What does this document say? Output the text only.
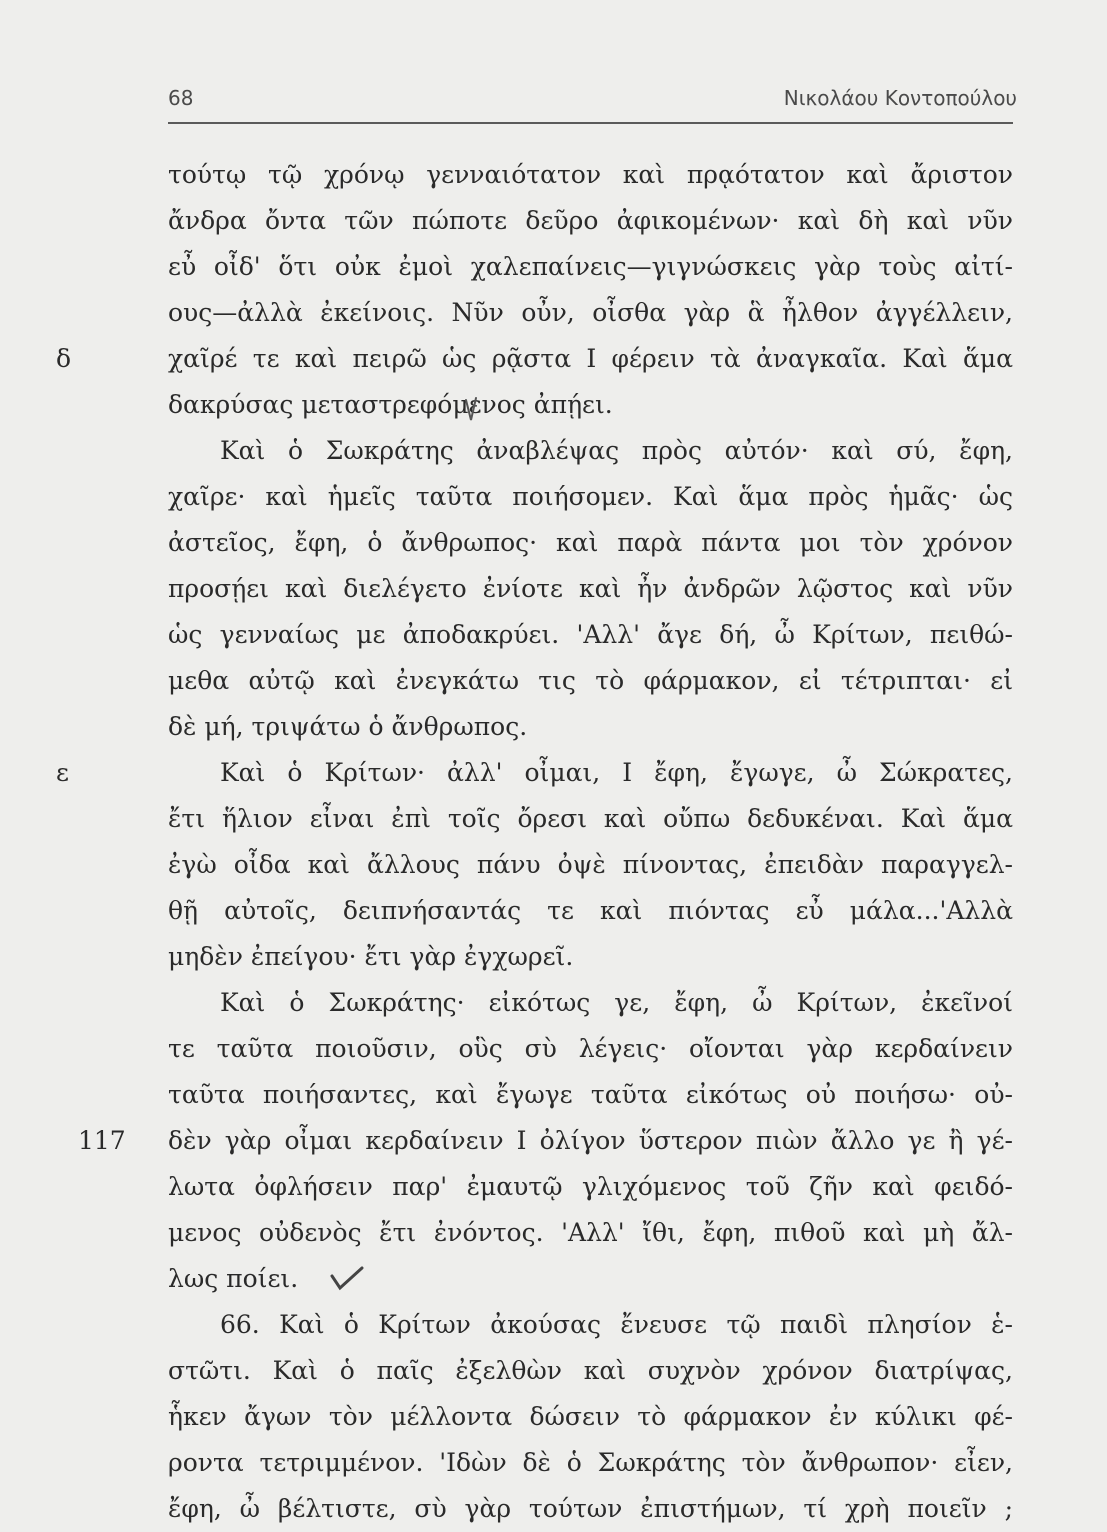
68	Νικολάου Κοντοπούλου
τούτῳ τῷ χρόνῳ γενναιότατον καὶ πρᾳότατον καὶ ἄριστον
ἄνδρα ὄντα τῶν πώποτε δεῦρο ἀφικομένων· καὶ δὴ καὶ νῦν
εὖ οἶδ' ὅτι οὐκ ἐμοὶ χαλεπαίνεις—γιγνώσκεις γὰρ τοὺς αἰτί-
ους—ἀλλὰ ἐκείνοις. Νῦν οὖν, οἶσθα γὰρ ἃ ἦλθον ἀγγέλλειν,
δ	χαῖρέ τε καὶ πειρῶ ὡς ρᾷστα Ι φέρειν τὰ ἀναγκαῖα. Καὶ ἅμα
δακρύσας μεταστρεφόμενος ἀπῄει.
Καὶ ὁ Σωκράτης ἀναβλέψας πρὸς αὐτόν· καὶ σύ, ἔφη,
χαῖρε· καὶ ἡμεῖς ταῦτα ποιήσομεν. Καὶ ἅμα πρὸς ἡμᾶς· ὡς
ἀστεῖος, ἔφη, ὁ ἄνθρωπος· καὶ παρὰ πάντα μοι τὸν χρόνον
προσῄει καὶ διελέγετο ἐνίοτε καὶ ἦν ἀνδρῶν λῷστος καὶ νῦν
ὡς γενναίως με ἀποδακρύει. 'Αλλ' ἄγε δή, ὦ Κρίτων, πειθώ-
μεθα αὐτῷ καὶ ἐνεγκάτω τις τὸ φάρμακον, εἰ τέτριπται· εἰ
δὲ μή, τριψάτω ὁ ἄνθρωπος.
ε	Καὶ ὁ Κρίτων· ἀλλ' οἶμαι, Ι ἔφη, ἔγωγε, ὦ Σώκρατες,
ἔτι ἥλιον εἶναι ἐπὶ τοῖς ὄρεσι καὶ οὔπω δεδυκέναι. Καὶ ἅμα
ἐγὼ οἶδα καὶ ἄλλους πάνυ ὀψὲ πίνοντας, ἐπειδὰν παραγγελ-
θῇ αὐτοῖς, δειπνήσαντάς τε καὶ πιόντας εὖ μάλα...'Αλλὰ
μηδὲν ἐπείγου· ἔτι γὰρ ἐγχωρεῖ.
Καὶ ὁ Σωκράτης· εἰκότως γε, ἔφη, ὦ Κρίτων, ἐκεῖνοί
τε ταῦτα ποιοῦσιν, οὓς σὺ λέγεις· οἴονται γὰρ κερδαίνειν
ταῦτα ποιήσαντες, καὶ ἔγωγε ταῦτα εἰκότως οὐ ποιήσω· οὐ-
117	δὲν γὰρ οἶμαι κερδαίνειν Ι ὀλίγον ὕστερον πιὼν ἄλλο γε ἢ γέ-
λωτα ὀφλήσειν παρ' ἐμαυτῷ γλιχόμενος τοῦ ζῆν καὶ φειδό-
μενος οὐδενὸς ἔτι ἐνόντος. 'Αλλ' ἴθι, ἔφη, πιθοῦ καὶ μὴ ἄλ-
λως ποίει.
66. Καὶ ὁ Κρίτων ἀκούσας ἔνευσε τῷ παιδὶ πλησίον ἑ-
στῶτι. Καὶ ὁ παῖς ἐξελθὼν καὶ συχνὸν χρόνον διατρίψας,
ἧκεν ἄγων τὸν μέλλοντα δώσειν τὸ φάρμακον ἐν κύλικι φέ-
ροντα τετριμμένον. 'Ιδὼν δὲ ὁ Σωκράτης τὸν ἄνθρωπον· εἶεν,
ἔφη, ὦ βέλτιστε, σὺ γὰρ τούτων ἐπιστήμων, τί χρὴ ποιεῖν ;
